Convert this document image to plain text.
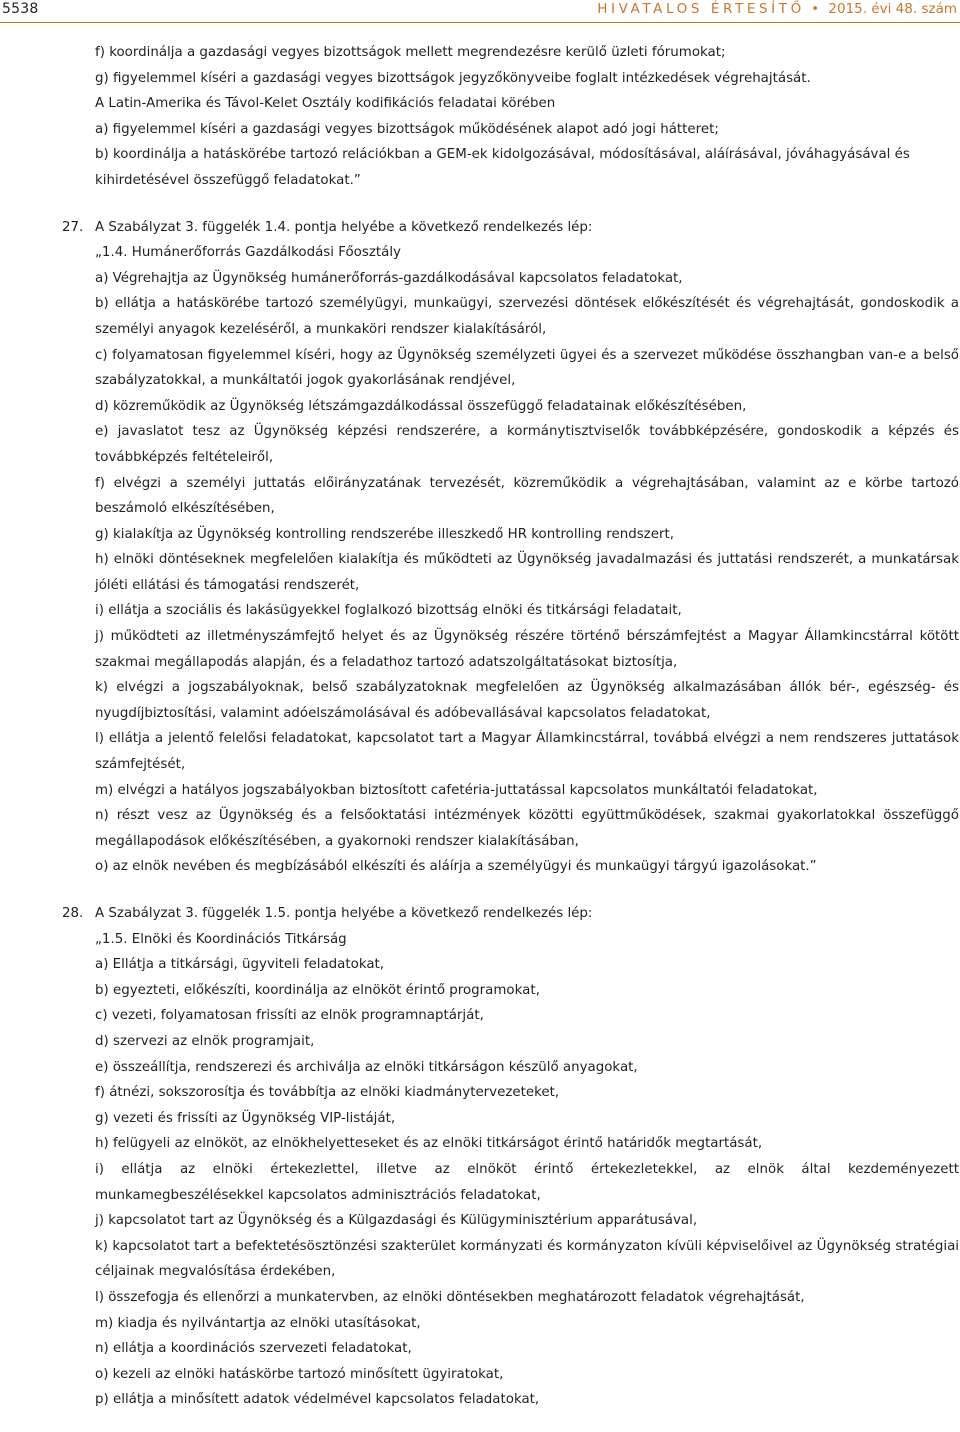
5538	HIVATALOS ÉRTESÍTŐ • 2015. évi 48. szám

f) koordinálja a gazdasági vegyes bizottságok mellett megrendezésre kerülő üzleti fórumokat;

g) figyelemmel kíséri a gazdasági vegyes bizottságok jegyzőkönyveibe foglalt intézkedések végrehajtását.

A Latin-Amerika és Távol-Kelet Osztály kodifikációs feladatai körében

a) figyelemmel kíséri a gazdasági vegyes bizottságok működésének alapot adó jogi hátteret;

b) koordinálja a hatáskörébe tartozó relációkban a GEM-ek kidolgozásával, módosításával, aláírásával, jóváhagyásával és kihirdetésével összefüggő feladatokat.”

27. A Szabályzat 3. függelék 1.4. pontja helyébe a következő rendelkezés lép:

„1.4. Humánerőforrás Gazdálkodási Főosztály

a) Végrehajtja az Ügynökség humánerőforrás-gazdálkodásával kapcsolatos feladatokat,

b) ellátja a hatáskörébe tartozó személyügyi, munkaügyi, szervezési döntések előkészítését és végrehajtását, gondoskodik a személyi anyagok kezeléséről, a munkaköri rendszer kialakításáról,

c) folyamatosan figyelemmel kíséri, hogy az Ügynökség személyzeti ügyei és a szervezet működése összhangban van-e a belső szabályzatokkal, a munkáltatói jogok gyakorlásának rendjével,

d) közreműködik az Ügynökség létszámgazdálkodással összefüggő feladatainak előkészítésében,

e) javaslatot tesz az Ügynökség képzési rendszerére, a kormánytisztviselők továbbképzésére, gondoskodik a képzés és továbbképzés feltételeiről,

f) elvégzi a személyi juttatás előirányzatának tervezését, közreműködik a végrehajtásában, valamint az e körbe tartozó beszámoló elkészítésében,

g) kialakítja az Ügynökség kontrolling rendszerébe illeszkedő HR kontrolling rendszert,

h) elnöki döntéseknek megfelelően kialakítja és működteti az Ügynökség javadalmazási és juttatási rendszerét, a munkatársak jóléti ellátási és támogatási rendszerét,

i) ellátja a szociális és lakásügyekkel foglalkozó bizottság elnöki és titkársági feladatait,

j) működteti az illetményszámfejtő helyet és az Ügynökség részére történő bérszámfejtést a Magyar Államkincstárral kötött szakmai megállapodás alapján, és a feladathoz tartozó adatszolgáltatásokat biztosítja,

k) elvégzi a jogszabályoknak, belső szabályzatoknak megfelelően az Ügynökség alkalmazásában állók bér-, egészség- és nyugdíjbiztosítási, valamint adóelszámolásával és adóbevallásával kapcsolatos feladatokat,

l) ellátja a jelentő felelősi feladatokat, kapcsolatot tart a Magyar Államkincstárral, továbbá elvégzi a nem rendszeres juttatások számfejtését,

m) elvégzi a hatályos jogszabályokban biztosított cafetéria-juttatással kapcsolatos munkáltatói feladatokat,

n) részt vesz az Ügynökség és a felsőoktatási intézmények közötti együttműködések, szakmai gyakorlatokkal összefüggő megállapodások előkészítésében, a gyakornoki rendszer kialakításában,

o) az elnök nevében és megbízásából elkészíti és aláírja a személyügyi és munkaügyi tárgyú igazolásokat.”

28. A Szabályzat 3. függelék 1.5. pontja helyébe a következő rendelkezés lép:

„1.5. Elnöki és Koordinációs Titkárság

a) Ellátja a titkársági, ügyviteli feladatokat,

b) egyezteti, előkészíti, koordinálja az elnököt érintő programokat,

c) vezeti, folyamatosan frissíti az elnök programnaptárját,

d) szervezi az elnök programjait,

e) összeállítja, rendszerezi és archiválja az elnöki titkárságon készülő anyagokat,

f) átnézi, sokszorosítja és továbbítja az elnöki kiadmánytervezeteket,

g) vezeti és frissíti az Ügynökség VIP-listáját,

h) felügyeli az elnököt, az elnökhelyetteseket és az elnöki titkárságot érintő határidők megtartását,

i) ellátja az elnöki értekezlettel, illetve az elnököt érintő értekezletekkel, az elnök által kezdeményezett munkamegbeszélésekkel kapcsolatos adminisztrációs feladatokat,

j) kapcsolatot tart az Ügynökség és a Külgazdasági és Külügyminisztérium apparátusával,

k) kapcsolatot tart a befektetésösztönzési szakterület kormányzati és kormányzaton kívüli képviselőivel az Ügynökség stratégiai céljainak megvalósítása érdekében,

l) összefogja és ellenőrzi a munkatervben, az elnöki döntésekben meghatározott feladatok végrehajtását,

m) kiadja és nyilvántartja az elnöki utasításokat,

n) ellátja a koordinációs szervezeti feladatokat,

o) kezeli az elnöki hatáskörbe tartozó minősített ügyiratokat,

p) ellátja a minősített adatok védelmével kapcsolatos feladatokat,
